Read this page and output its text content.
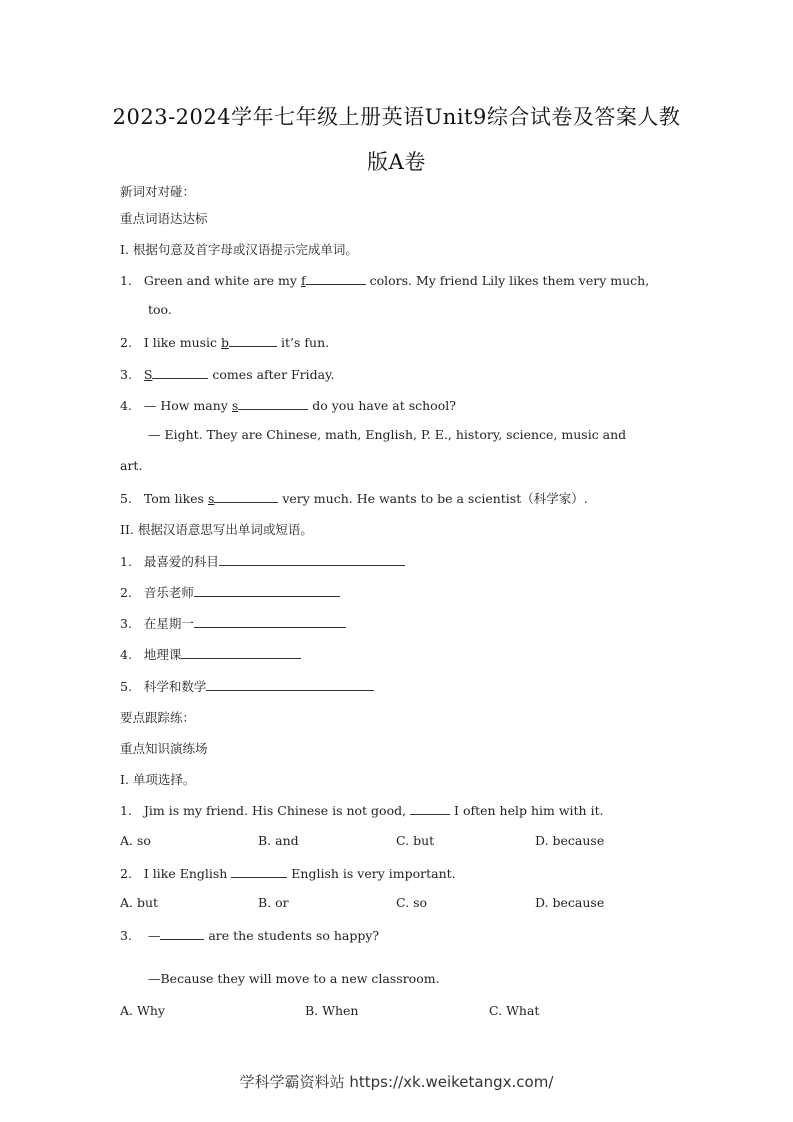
2023-2024学年七年级上册英语Unit9综合试卷及答案人教
版A卷
新词对对碰：
重点词语达达标
I. 根据句意及首字母或汉语提示完成单词。
1. Green and white are my f	colors. My friend Lily likes them very much,
too.
2. I like music b	it’s fun.
3. S	comes after Friday.
4. — How many s	do you have at school?
— Eight. They are Chinese, math, English, P. E., history, science, music and
art.
5. Tom likes s	very much. He wants to be a scientist（科学家）.
II. 根据汉语意思写出单词或短语。
1. 最喜爱的科目
2. 音乐老师
3. 在星期一
4. 地理课
5. 科学和数学
要点跟踪练：
重点知识演练场
I. 单项选择。
1. Jim is my friend. His Chinese is not good,	I often help him with it.
A. so	B. and	C. but	D. because
2. I like English	English is very important.
A. but	B. or	C. so	D. because
3. —	are the students so happy?
—Because they will move to a new classroom.
A. Why	B. When	C. What
学科学霸资料站 https://xk.weiketangx.com/
